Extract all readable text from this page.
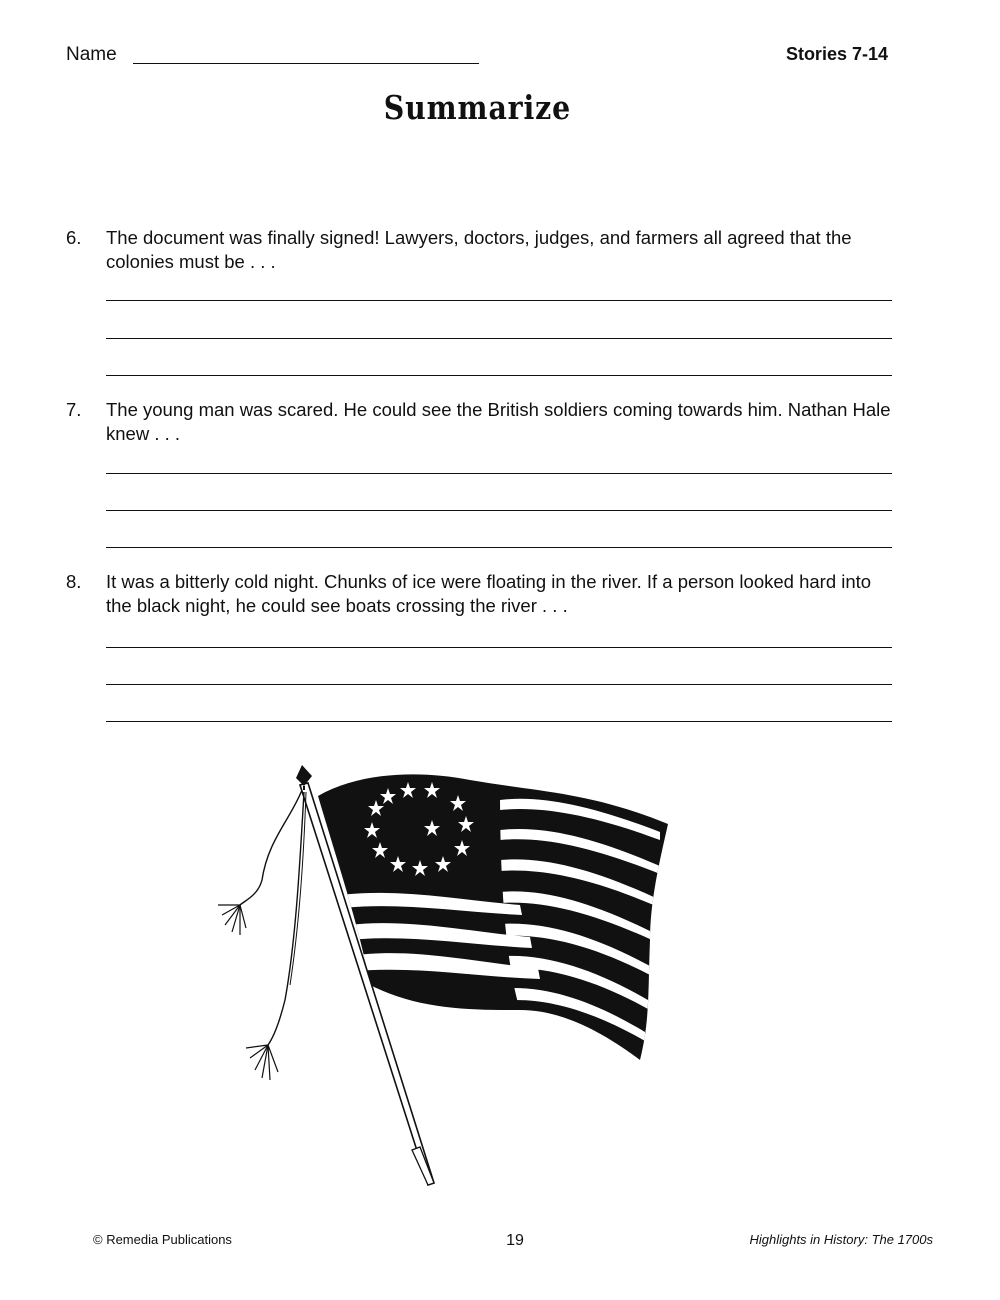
Name	Stories 7-14
Summarize
6. The document was finally signed! Lawyers, doctors, judges, and farmers all agreed that the colonies must be . . .
7. The young man was scared. He could see the British soldiers coming towards him. Nathan Hale knew . . .
8. It was a bitterly cold night. Chunks of ice were floating in the river. If a person looked hard into the black night, he could see boats crossing the river . . .
© Remedia Publications	19	Highlights in History: The 1700s
